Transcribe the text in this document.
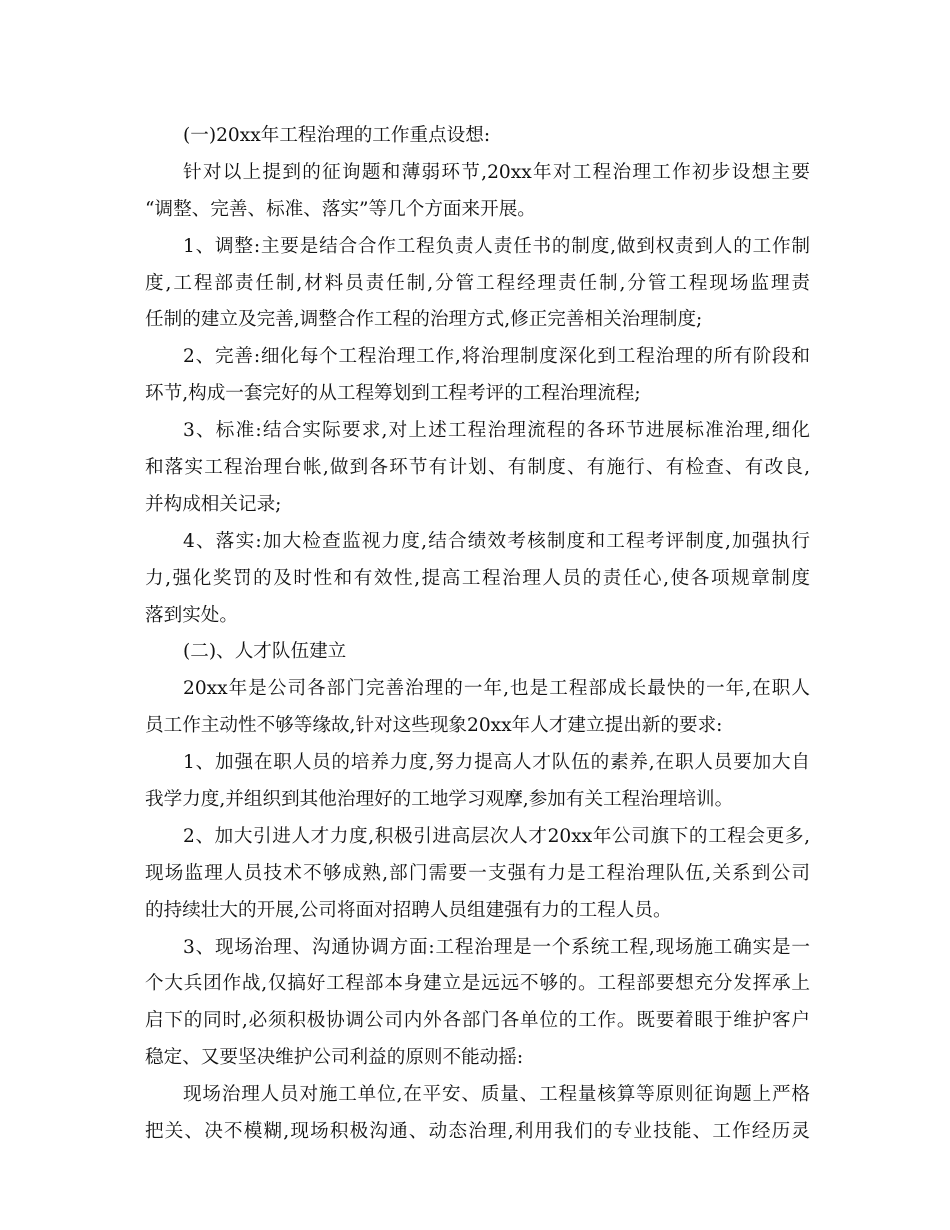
(一)20xx年工程治理的工作重点设想:
针对以上提到的征询题和薄弱环节,20xx年对工程治理工作初步设想主要
“调整、完善、标准、落实”等几个方面来开展。
1、调整:主要是结合合作工程负责人责任书的制度,做到权责到人的工作制
度,工程部责任制,材料员责任制,分管工程经理责任制,分管工程现场监理责
任制的建立及完善,调整合作工程的治理方式,修正完善相关治理制度;
2、完善:细化每个工程治理工作,将治理制度深化到工程治理的所有阶段和
环节,构成一套完好的从工程筹划到工程考评的工程治理流程;
3、标准:结合实际要求,对上述工程治理流程的各环节进展标准治理,细化
和落实工程治理台帐,做到各环节有计划、有制度、有施行、有检查、有改良,
并构成相关记录;
4、落实:加大检查监视力度,结合绩效考核制度和工程考评制度,加强执行
力,强化奖罚的及时性和有效性,提高工程治理人员的责任心,使各项规章制度
落到实处。
(二)、人才队伍建立
20xx年是公司各部门完善治理的一年,也是工程部成长最快的一年,在职人
员工作主动性不够等缘故,针对这些现象20xx年人才建立提出新的要求:
1、加强在职人员的培养力度,努力提高人才队伍的素养,在职人员要加大自
我学力度,并组织到其他治理好的工地学习观摩,参加有关工程治理培训。
2、加大引进人才力度,积极引进高层次人才20xx年公司旗下的工程会更多,
现场监理人员技术不够成熟,部门需要一支强有力是工程治理队伍,关系到公司
的持续壮大的开展,公司将面对招聘人员组建强有力的工程人员。
3、现场治理、沟通协调方面:工程治理是一个系统工程,现场施工确实是一
个大兵团作战,仅搞好工程部本身建立是远远不够的。工程部要想充分发挥承上
启下的同时,必须积极协调公司内外各部门各单位的工作。既要着眼于维护客户
稳定、又要坚决维护公司利益的原则不能动摇:
现场治理人员对施工单位,在平安、质量、工程量核算等原则征询题上严格
把关、决不模糊,现场积极沟通、动态治理,利用我们的专业技能、工作经历灵
